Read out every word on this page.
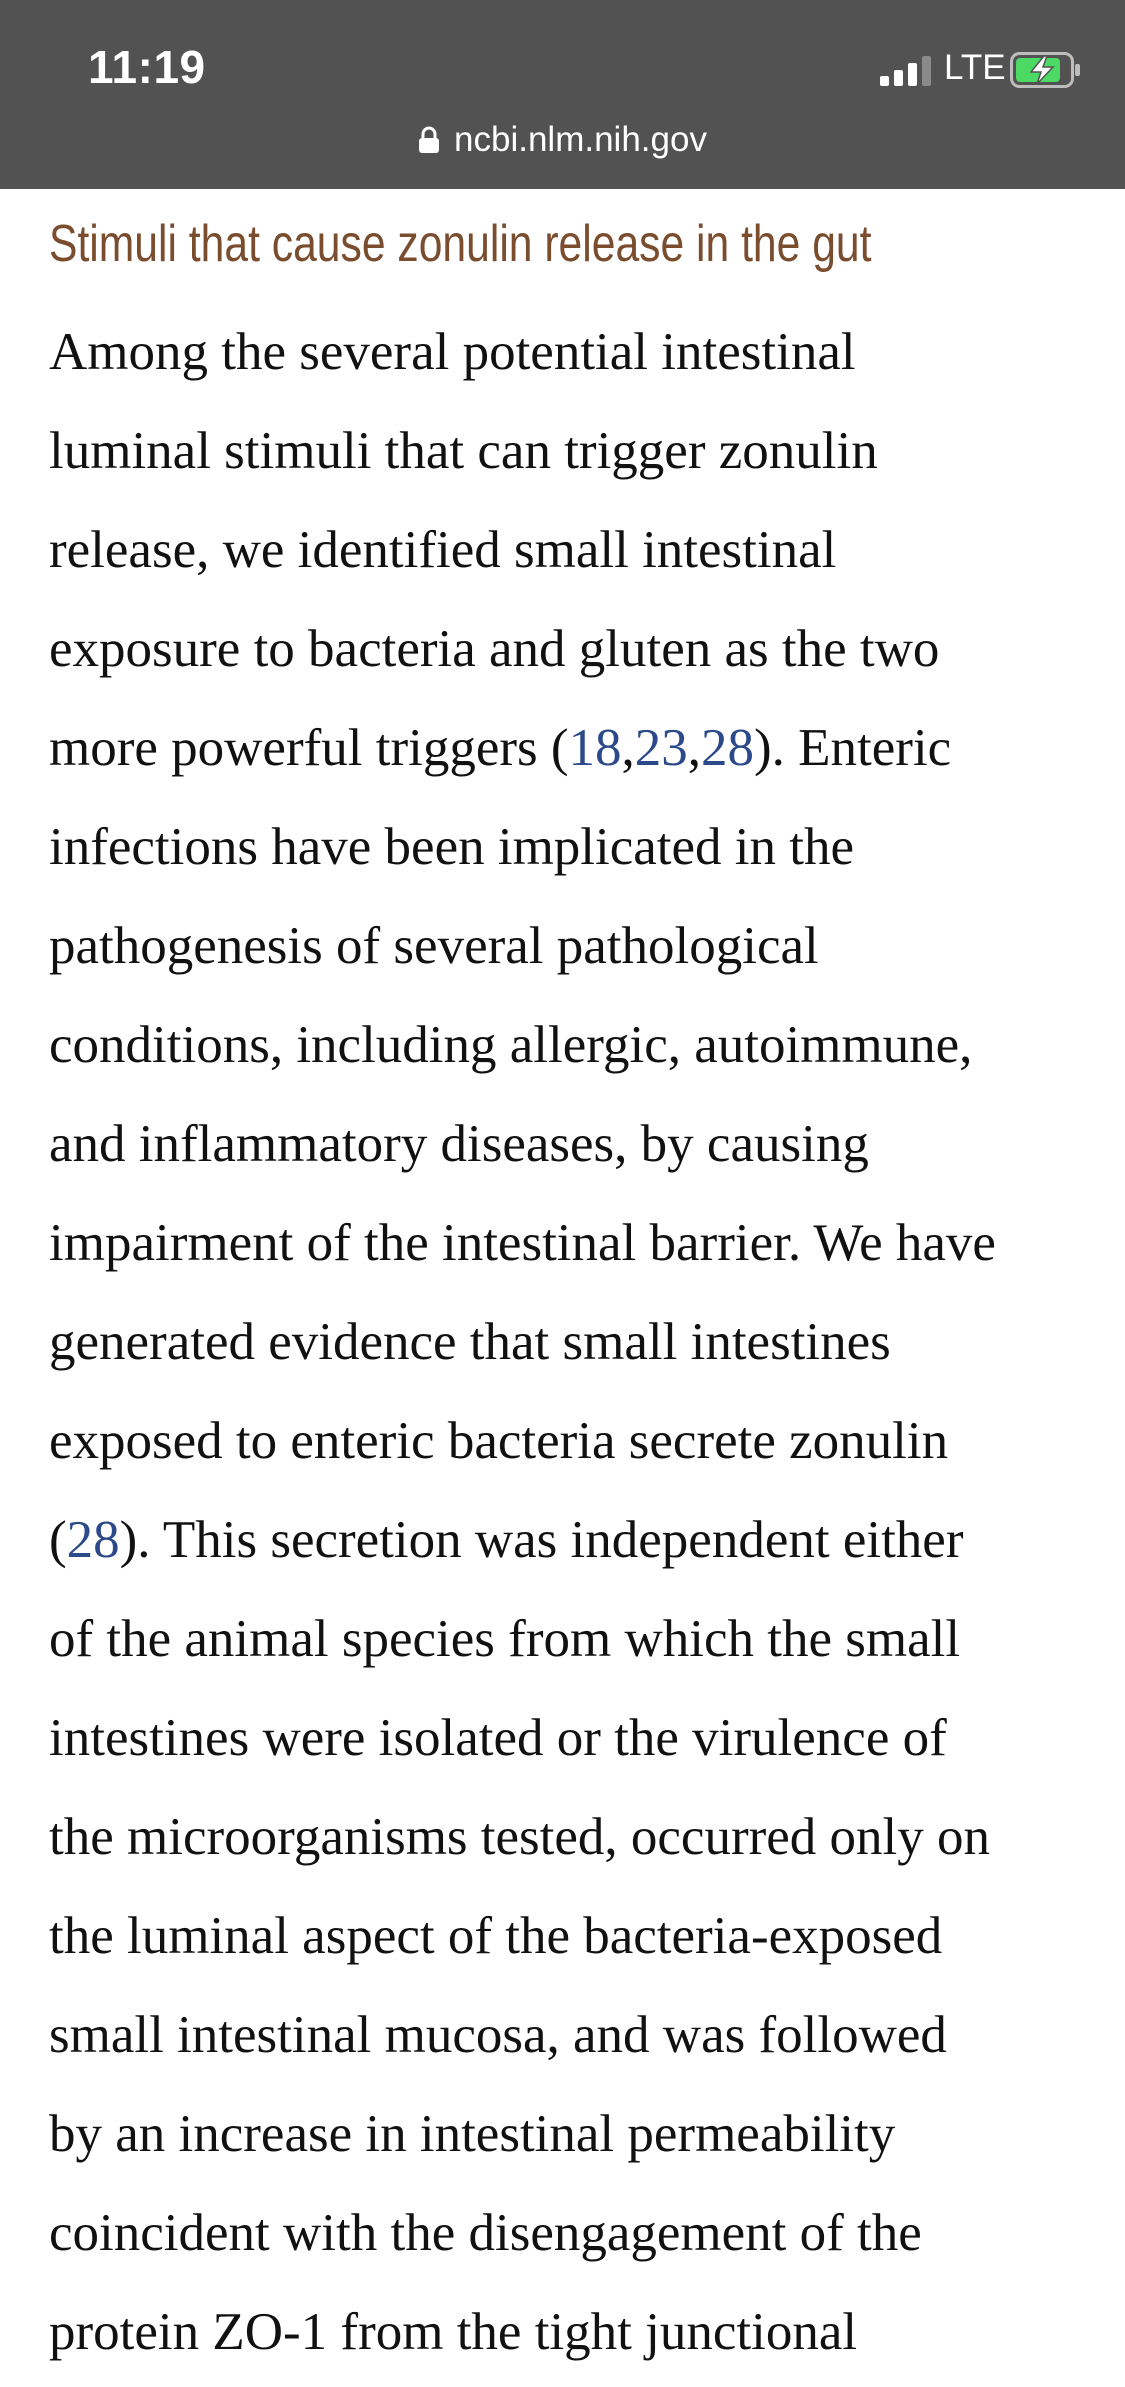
11:19	LTE
ncbi.nlm.nih.gov
Stimuli that cause zonulin release in the gut
Among the several potential intestinal
luminal stimuli that can trigger zonulin
release, we identified small intestinal
exposure to bacteria and gluten as the two
more powerful triggers (18,23,28). Enteric
infections have been implicated in the
pathogenesis of several pathological
conditions, including allergic, autoimmune,
and inflammatory diseases, by causing
impairment of the intestinal barrier. We have
generated evidence that small intestines
exposed to enteric bacteria secrete zonulin
(28). This secretion was independent either
of the animal species from which the small
intestines were isolated or the virulence of
the microorganisms tested, occurred only on
the luminal aspect of the bacteria-exposed
small intestinal mucosa, and was followed
by an increase in intestinal permeability
coincident with the disengagement of the
protein ZO-1 from the tight junctional
